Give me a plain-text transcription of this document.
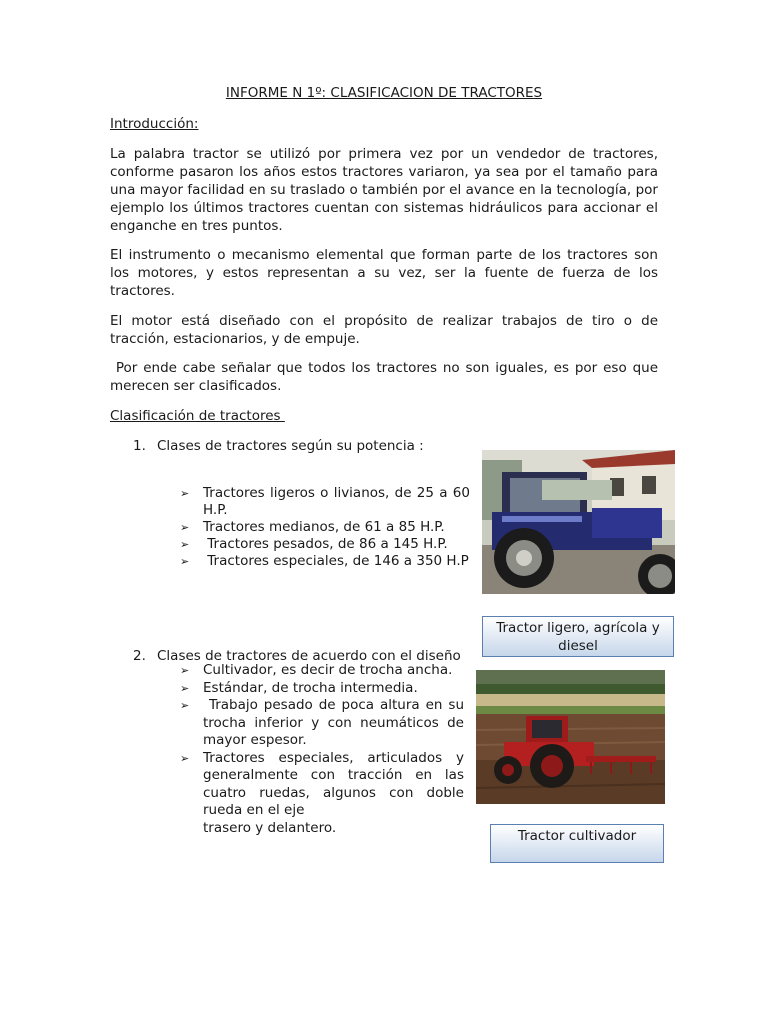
INFORME N 1º: CLASIFICACION DE TRACTORES
Introducción:

La palabra tractor se utilizó por primera vez por un vendedor de tractores, conforme pasaron los años estos tractores variaron, ya sea por el tamaño para una mayor facilidad en su traslado o también por el avance en la tecnología, por ejemplo los últimos tractores cuentan con sistemas hidráulicos para accionar el enganche en tres puntos.

El instrumento o mecanismo elemental que forman parte de los tractores son los motores, y estos representan a su vez, ser la fuente de fuerza de los tractores.

El motor está diseñado con el propósito de realizar trabajos de tiro o de tracción, estacionarios, y de empuje.

Por ende cabe señalar que todos los tractores no son iguales, es por eso que merecen ser clasificados.

Clasificación de tractores
1. Clases de tractores según su potencia :
➢ Tractores ligeros o livianos, de 25 a 60 H.P.
➢ Tractores medianos, de 61 a 85 H.P.
➢ Tractores pesados, de 86 a 145 H.P.
➢ Tractores especiales, de 146 a 350 H.P
Tractor ligero, agrícola y diesel
2. Clases de tractores de acuerdo con el diseño
➢ Cultivador, es decir de trocha ancha.
➢ Estándar, de trocha intermedia.
➢ Trabajo pesado de poca altura en su trocha inferior y con neumáticos de mayor espesor.
➢ Tractores especiales, articulados y generalmente con tracción en las cuatro ruedas, algunos con doble rueda en el eje
trasero y delantero.
Tractor cultivador
